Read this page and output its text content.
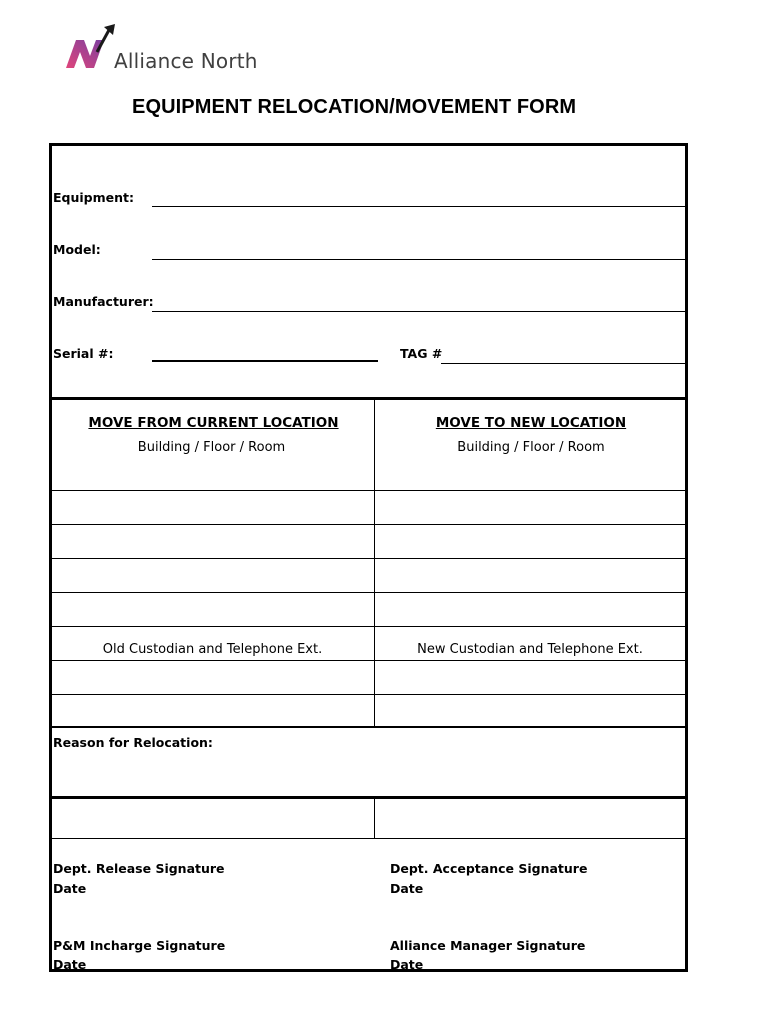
Alliance North
EQUIPMENT RELOCATION/MOVEMENT FORM
Equipment:
Model:
Manufacturer:
Serial #:	TAG #
MOVE FROM CURRENT LOCATION
Building / Floor / Room
MOVE TO NEW LOCATION
Building / Floor / Room
Old Custodian and Telephone Ext.	New Custodian and Telephone Ext.
Reason for Relocation:
Dept. Release Signature
Date
Dept. Acceptance Signature
Date
P&M Incharge Signature
Date
Alliance Manager Signature
Date
